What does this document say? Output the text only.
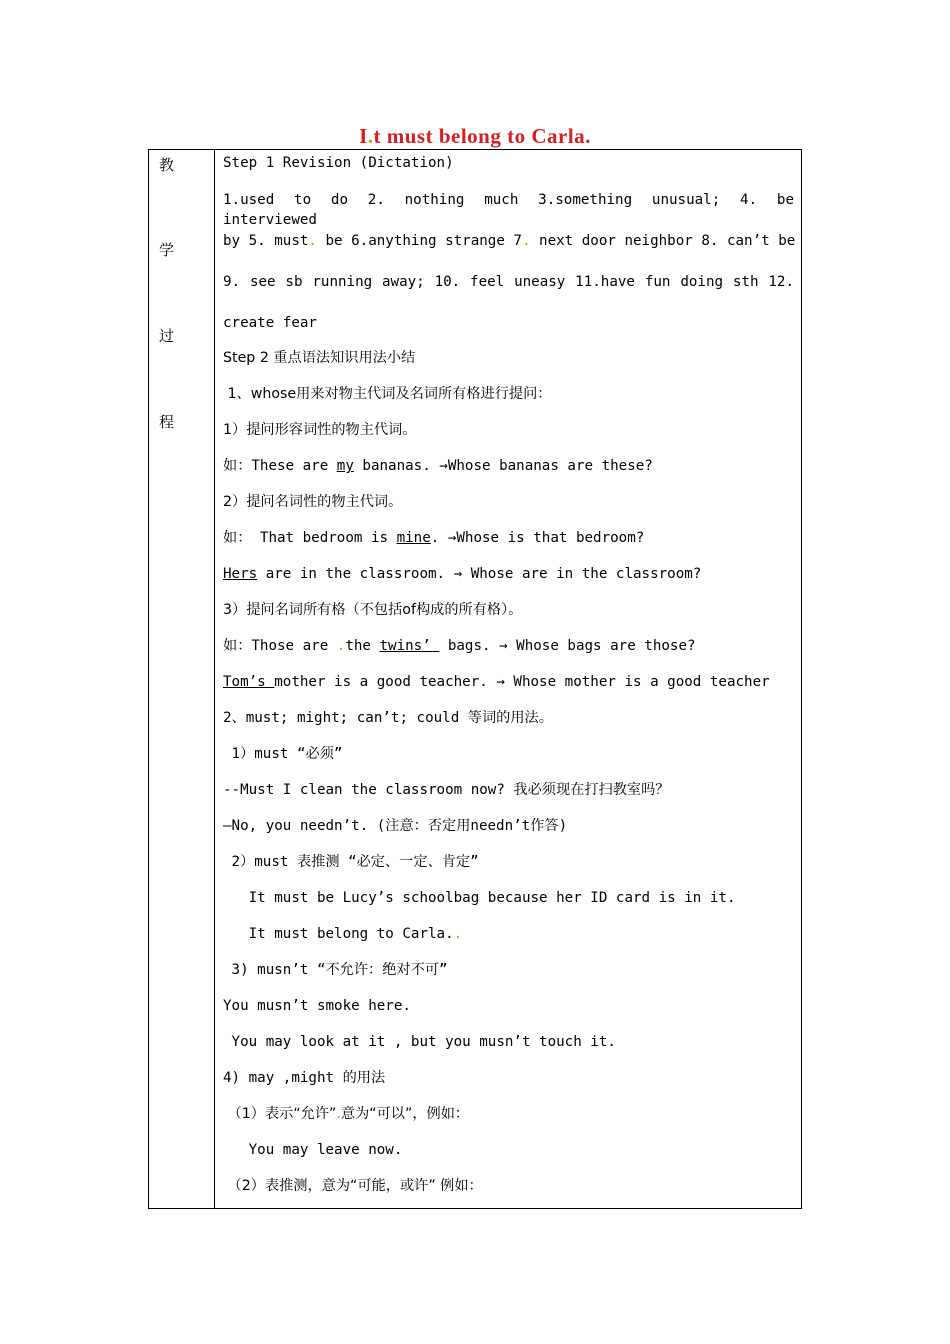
I.t must belong to Carla.
教
学
过
程
Step 1 Revision (Dictation)
1.used to do 2. nothing much 3.something unusual; 4. be interviewed
by 5. must. be 6.anything strange 7. next door neighbor 8. can’t be
9. see sb running away; 10. feel uneasy 11.have fun doing sth 12.
create fear
Step 2 重点语法知识用法小结
1、whose用来对物主代词及名词所有格进行提问：
1）提问形容词性的物主代词。
如：These are my bananas. →Whose bananas are these?
2）提问名词性的物主代词。
如： That bedroom is mine. →Whose is that bedroom?
Hers are in the classroom. → Whose are in the classroom?
3）提问名词所有格（不包括of构成的所有格）。
如：Those are .the twins’  bags. → Whose bags are those?
Tom’s mother is a good teacher. → Whose mother is a good teacher
2、must; might; can’t; could 等词的用法。
1）must “必须”
--Must I clean the classroom now? 我必须现在打扫教室吗？
—No, you needn’t. (注意：否定用needn’t作答)
2）must 表推测 “必定、一定、肯定”
It must be Lucy’s schoolbag because her ID card is in it.
It must belong to Carla..
3) musn’t “不允许：绝对不可”
You musn’t smoke here.
You may look at it , but you musn’t touch it.
4) may ,might 的用法
（1）表示“允许”.意为“可以”，例如：
You may leave now.
（2）表推测，意为“可能，或许” 例如：
